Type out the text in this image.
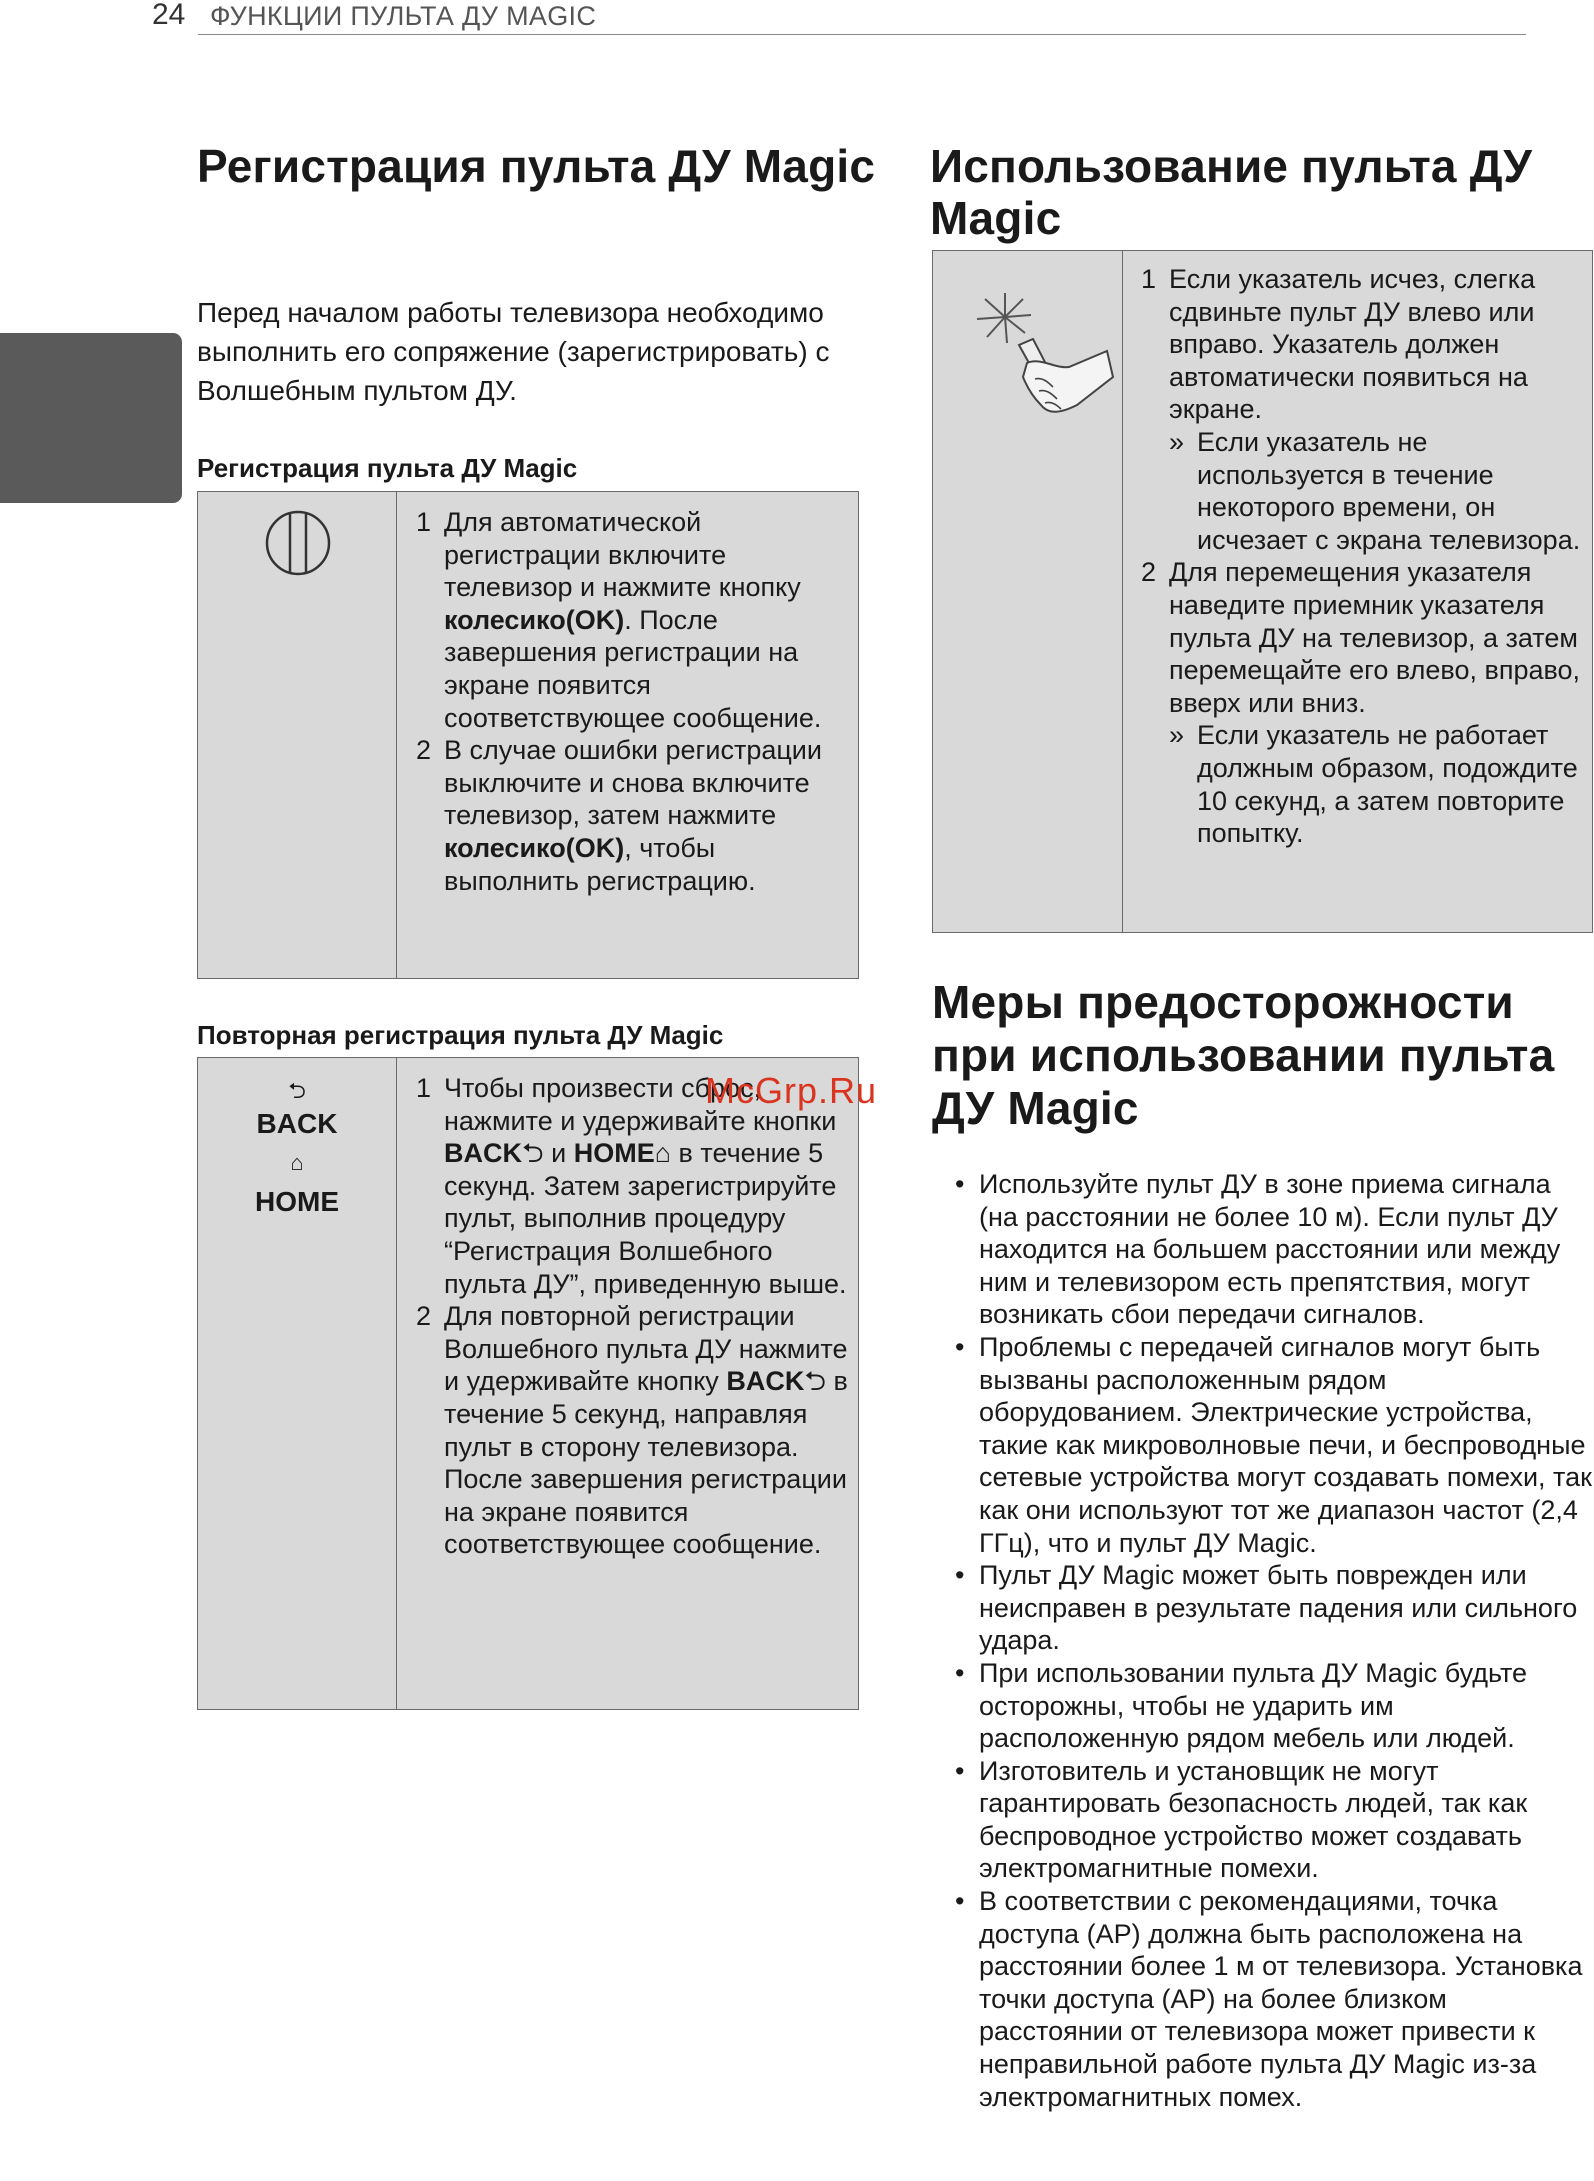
24 ФУНКЦИИ ПУЛЬТА ДУ MAGIC
Регистрация пульта ДУ Magic
Перед началом работы телевизора необходимо выполнить его сопряжение (зарегистрировать) с Волшебным пультом ДУ.
Регистрация пульта ДУ Magic
1 Для автоматической регистрации включите телевизор и нажмите кнопку колесико(OK). После завершения регистрации на экране появится соответствующее сообщение.
2 В случае ошибки регистрации выключите и снова включите телевизор, затем нажмите колесико(OK), чтобы выполнить регистрацию.
Повторная регистрация пульта ДУ Magic
⮌
BACK
⌂
HOME
1 Чтобы произвести сброс, нажмите и удерживайте кнопки BACK⮌ и HOME⌂ в течение 5 секунд. Затем зарегистрируйте пульт, выполнив процедуру “Регистрация Волшебного пульта ДУ”, приведенную выше.
2 Для повторной регистрации Волшебного пульта ДУ нажмите и удерживайте кнопку BACK⮌ в течение 5 секунд, направляя пульт в сторону телевизора. После завершения регистрации на экране появится соответствующее сообщение.
Использование пульта ДУ Magic
1 Если указатель исчез, слегка сдвиньте пульт ДУ влево или вправо. Указатель должен автоматически появиться на экране.
» Если указатель не используется в течение некоторого времени, он исчезает с экрана телевизора.
2 Для перемещения указателя наведите приемник указателя пульта ДУ на телевизор, а затем перемещайте его влево, вправо, вверх или вниз.
» Если указатель не работает должным образом, подождите 10 секунд, а затем повторите попытку.
Меры предосторожности при использовании пульта ДУ Magic
• Используйте пульт ДУ в зоне приема сигнала (на расстоянии не более 10 м). Если пульт ДУ находится на большем расстоянии или между ним и телевизором есть препятствия, могут возникать сбои передачи сигналов.
• Проблемы с передачей сигналов могут быть вызваны расположенным рядом оборудованием. Электрические устройства, такие как микроволновые печи, и беспроводные сетевые устройства могут создавать помехи, так как они используют тот же диапазон частот (2,4 ГГц), что и пульт ДУ Magic.
• Пульт ДУ Magic может быть поврежден или неисправен в результате падения или сильного удара.
• При использовании пульта ДУ Magic будьте осторожны, чтобы не ударить им расположенную рядом мебель или людей.
• Изготовитель и установщик не могут гарантировать безопасность людей, так как беспроводное устройство может создавать электромагнитные помехи.
• В соответствии с рекомендациями, точка доступа (AP) должна быть расположена на расстоянии более 1 м от телевизора. Установка точки доступа (AP) на более близком расстоянии от телевизора может привести к неправильной работе пульта ДУ Magic из-за электромагнитных помех.
McGrp.Ru
